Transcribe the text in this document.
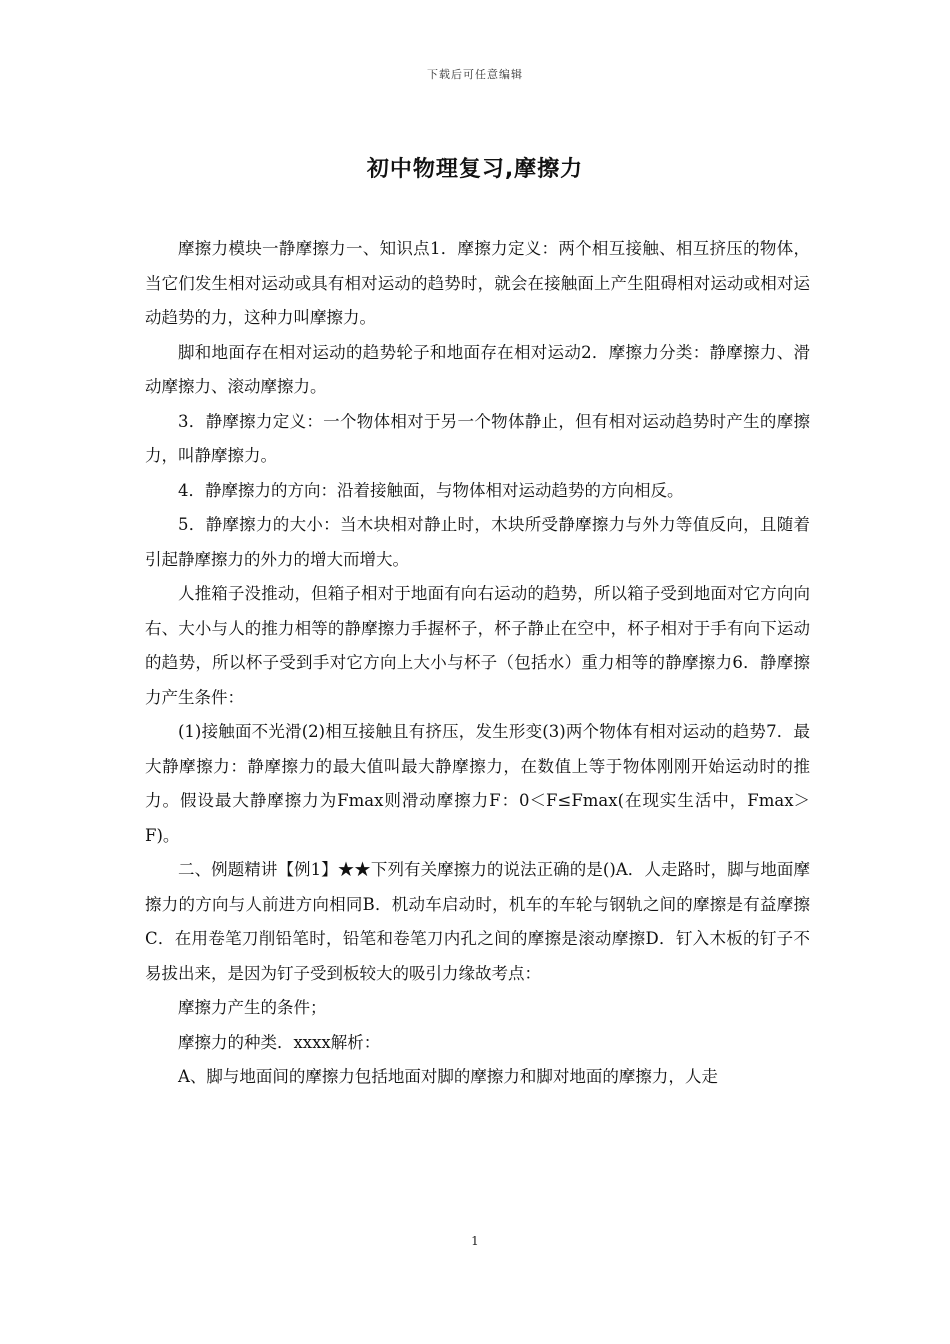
下载后可任意编辑
初中物理复习,摩擦力

摩擦力模块一静摩擦力一、知识点1．摩擦力定义：两个相互接触、相互挤压的物体，当它们发生相对运动或具有相对运动的趋势时，就会在接触面上产生阻碍相对运动或相对运动趋势的力，这种力叫摩擦力。

脚和地面存在相对运动的趋势轮子和地面存在相对运动2．摩擦力分类：静摩擦力、滑动摩擦力、滚动摩擦力。

3．静摩擦力定义：一个物体相对于另一个物体静止，但有相对运动趋势时产生的摩擦力，叫静摩擦力。

4．静摩擦力的方向：沿着接触面，与物体相对运动趋势的方向相反。

5．静摩擦力的大小：当木块相对静止时，木块所受静摩擦力与外力等值反向，且随着引起静摩擦力的外力的增大而增大。

人推箱子没推动，但箱子相对于地面有向右运动的趋势，所以箱子受到地面对它方向向右、大小与人的推力相等的静摩擦力手握杯子，杯子静止在空中，杯子相对于手有向下运动的趋势，所以杯子受到手对它方向上大小与杯子（包括水）重力相等的静摩擦力6．静摩擦力产生条件：

(1)接触面不光滑(2)相互接触且有挤压，发生形变(3)两个物体有相对运动的趋势7．最大静摩擦力：静摩擦力的最大值叫最大静摩擦力，在数值上等于物体刚刚开始运动时的推力。假设最大静摩擦力为Fmax则滑动摩擦力F：0＜F≤Fmax(在现实生活中，Fmax＞F)。

二、例题精讲【例1】★★下列有关摩擦力的说法正确的是()A．人走路时，脚与地面摩擦力的方向与人前进方向相同B．机动车启动时，机车的车轮与钢轨之间的摩擦是有益摩擦C．在用卷笔刀削铅笔时，铅笔和卷笔刀内孔之间的摩擦是滚动摩擦D．钉入木板的钉子不易拔出来，是因为钉子受到板较大的吸引力缘故考点：

摩擦力产生的条件；

摩擦力的种类．xxxx解析：

A、脚与地面间的摩擦力包括地面对脚的摩擦力和脚对地面的摩擦力，人走

1
